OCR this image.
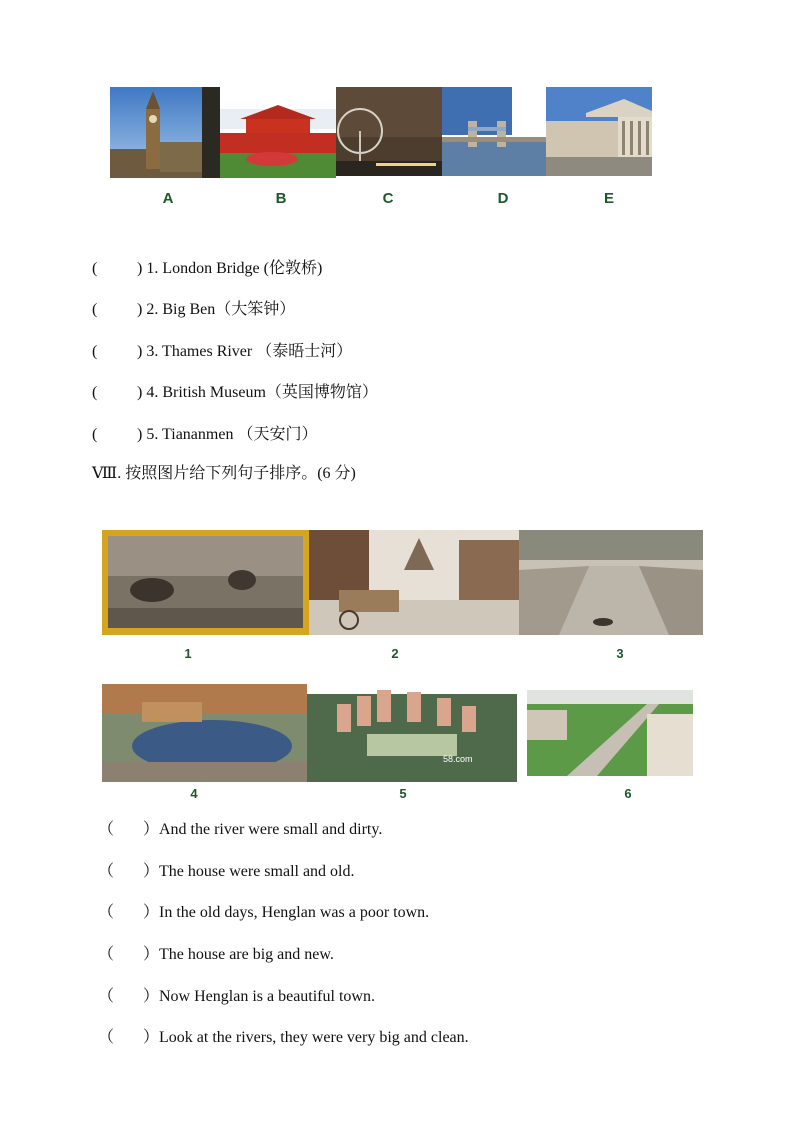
A	B	C	D	E
( ) 1. London Bridge (伦敦桥)
( ) 2. Big Ben（大笨钟）
( ) 3. Thames River （泰晤士河）
( ) 4. British Museum（英国博物馆）
( ) 5. Tiananmen （天安门）
Ⅷ. 按照图片给下列句子排序。(6 分)
58.com
1	2	3
4	5	6
（ ）And the river were small and dirty.
（ ）The house were small and old.
（ ）In the old days, Henglan was a poor town.
（ ）The house are big and new.
（ ）Now Henglan is a beautiful town.
（ ）Look at the rivers, they were very big and clean.
